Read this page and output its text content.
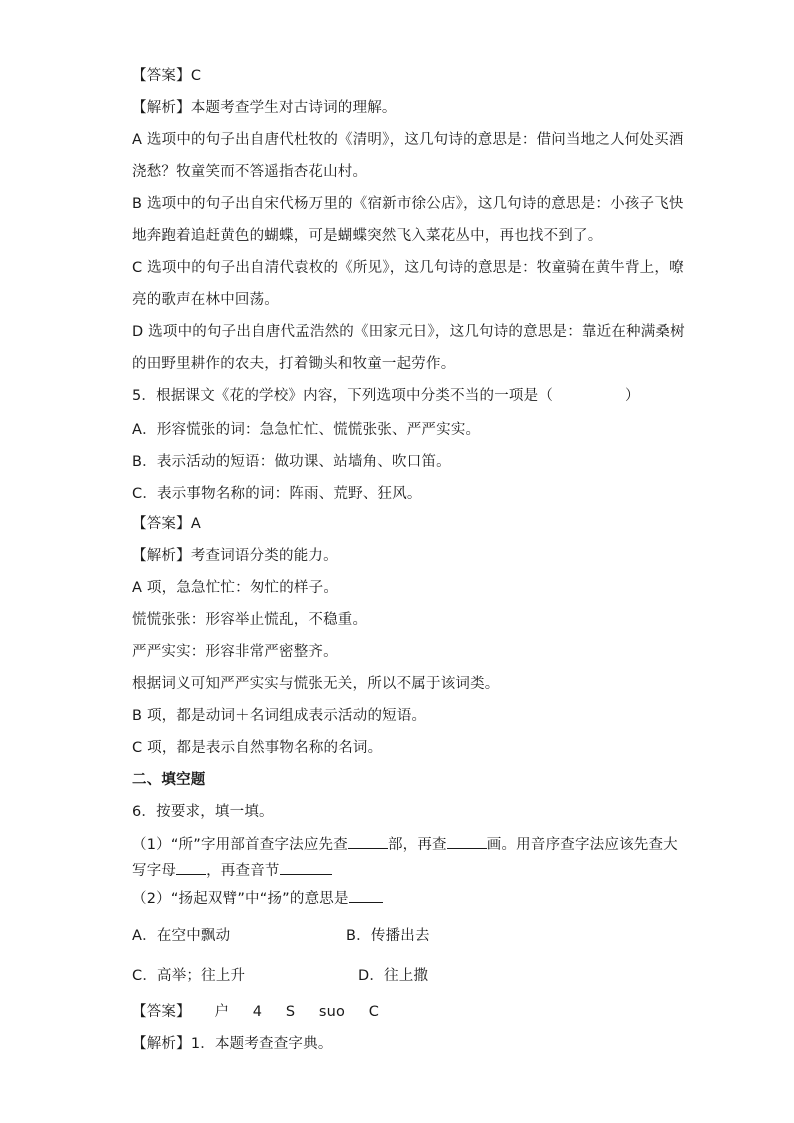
【答案】C
【解析】本题考查学生对古诗词的理解。
A 选项中的句子出自唐代杜牧的《清明》，这几句诗的意思是：借问当地之人何处买酒
浇愁？牧童笑而不答遥指杏花山村。
B 选项中的句子出自宋代杨万里的《宿新市徐公店》，这几句诗的意思是：小孩子飞快
地奔跑着追赶黄色的蝴蝶，可是蝴蝶突然飞入菜花丛中，再也找不到了。
C 选项中的句子出自清代袁枚的《所见》，这几句诗的意思是：牧童骑在黄牛背上，嘹
亮的歌声在林中回荡。
D 选项中的句子出自唐代孟浩然的《田家元日》，这几句诗的意思是：靠近在种满桑树
的田野里耕作的农夫，打着锄头和牧童一起劳作。
5．根据课文《花的学校》内容，下列选项中分类不当的一项是（	）
A．形容慌张的词：急急忙忙、慌慌张张、严严实实。
B．表示活动的短语：做功课、站墙角、吹口笛。
C．表示事物名称的词：阵雨、荒野、狂风。
【答案】A
【解析】考查词语分类的能力。
A 项，急急忙忙：匆忙的样子。
慌慌张张：形容举止慌乱，不稳重。
严严实实：形容非常严密整齐。
根据词义可知严严实实与慌张无关，所以不属于该词类。
B 项，都是动词＋名词组成表示活动的短语。
C 项，都是表示自然事物名称的名词。
二、填空题
6．按要求，填一填。
（1）“所”字用部首查字法应先查	部，再查	画。用音序查字法应该先查大
写字母 ，再查音节
（2）“扬起双臂”中“扬”的意思是
A．在空中飘动	B．传播出去
C．高举；往上升	D．往上撒
【答案】 户 4 S suo C
【解析】1．本题考查查字典。
